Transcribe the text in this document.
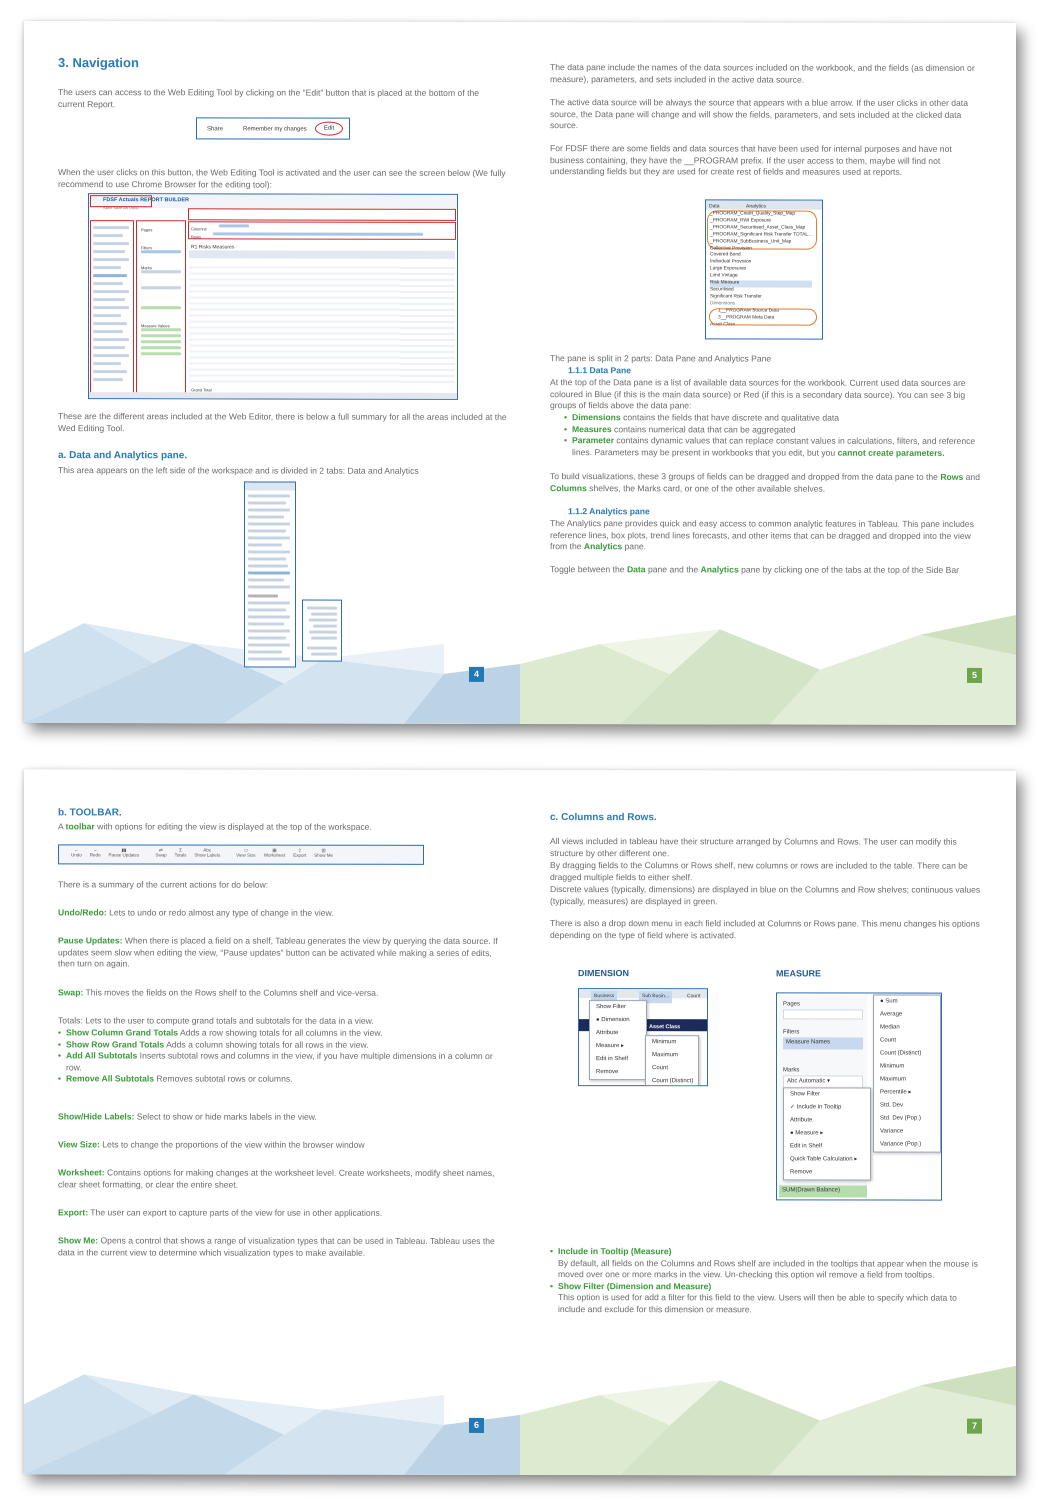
3. Navigation
The users can access to the Web Editing Tool by clicking on the “Edit” button that is placed at the bottom of the current Report.
Share	Remember my changes	Edit
When the user clicks on this button, the Web Editing Tool is activated and the user can see the screen below (We fully recommend to use Chrome Browser for the editing tool):
FDSF Actuals REPORT BUILDER
Save Save As Done
Pages
Filters
Marks
Measure Values
Columns
Rows
R1 Risks Measures
Grand Total
These are the different areas included at the Web Editor, there is below a full summary for all the areas included at the Wed Editing Tool.
a. Data and Analytics pane.
This area appears on the left side of the workspace and is divided in 2 tabs: Data and Analytics
4
The data pane include the names of the data sources included on the workbook, and the fields (as dimension or measure), parameters, and sets included in the active data source.
The active data source will be always the source that appears with a blue arrow. If the user clicks in other data source, the Data pane will change and will show the fields, parameters, and sets included at the clicked data source.
For FDSF there are some fields and data sources that have been used for internal purposes and have not business containing, they have the __PROGRAM prefix. If the user access to them, maybe will find not understanding fields but they are used for create rest of fields and measures used at reports.
Data	Analytics
_PROGRAM_Credit_Quality_Step_Map
_PROGRAM_RWI Exposure
_PROGRAM_Securitised_Asset_Class_Map
_PROGRAM_Significant Risk Transfer TOTAL...
_PROGRAM_SubBusiness_Unit_Map
Collective Provision
Covered Bond
Individual Provision
Large Exposures
Limit Vintage
Risk Measure
Securitised
Significant Risk Transfer
Dimensions
1__PROGRAM Source Data
3__PROGRAM Meta Data
Asset Class
The pane is split in 2 parts: Data Pane and Analytics Pane
1.1.1 Data Pane
At the top of the Data pane is a list of available data sources for the workbook. Current used data sources are coloured in Blue (if this is the main data source) or Red (if this is a secondary data source). You can see 3 big groups of fields above the data pane:
• Dimensions contains the fields that have discrete and qualitative data
• Measures contains numerical data that can be aggregated
• Parameter contains dynamic values that can replace constant values in calculations, filters, and reference lines. Parameters may be present in workbooks that you edit, but you cannot create parameters.
To build visualizations, these 3 groups of fields can be dragged and dropped from the data pane to the Rows and Columns shelves, the Marks card, or one of the other available shelves.
1.1.2 Analytics pane
The Analytics pane provides quick and easy access to common analytic features in Tableau. This pane includes reference lines, box plots, trend lines forecasts, and other items that can be dragged and dropped into the view from the Analytics pane.
Toggle between the Data pane and the Analytics pane by clicking one of the tabs at the top of the Side Bar
5
b. TOOLBAR.
A toolbar with options for editing the view is displayed at the top of the workspace.
←
Undo
→
Redo
▮▮
Pause Updates
⇄
Swap
Σ
Totals
Abc
Show Labels
▭
View Size
▦
Worksheet
⇪
Export
▥
Show Me
There is a summary of the current actions for do below:
Undo/Redo: Lets to undo or redo almost any type of change in the view.
Pause Updates: When there is placed a field on a shelf, Tableau generates the view by querying the data source. If updates seem slow when editing the view, “Pause updates” button can be activated while making a series of edits, then turn on again.
Swap: This moves the fields on the Rows shelf to the Columns shelf and vice-versa.
Totals: Lets to the user to compute grand totals and subtotals for the data in a view.
• Show Column Grand Totals Adds a row showing totals for all columns in the view.
• Show Row Grand Totals Adds a column showing totals for all rows in the view.
• Add All Subtotals Inserts subtotal rows and columns in the view, if you have multiple dimensions in a column or row.
• Remove All Subtotals Removes subtotal rows or columns.
Show/Hide Labels: Select to show or hide marks labels in the view.
View Size: Lets to change the proportions of the view within the browser window
Worksheet: Contains options for making changes at the worksheet level. Create worksheets, modify sheet names, clear sheet formatting, or clear the entire sheet.
Export: The user can export to capture parts of the view for use in other applications.
Show Me: Opens a control that shows a range of visualization types that can be used in Tableau. Tableau uses the data in the current view to determine which visualization types to make available.
6
c. Columns and Rows.
All views included in tableau have their structure arranged by Columns and Rows. The user can modify this structure by other different one.
By dragging fields to the Columns or Rows shelf, new columns or rows are included to the table. There can be dragged multiple fields to either shelf.
Discrete values (typically, dimensions) are displayed in blue on the Columns and Row shelves; continuous values (typically, measures) are displayed in green.
There is also a drop down menu in each field included at Columns or Rows pane. This menu changes his options depending on the type of field where is activated.
DIMENSION	MEASURE
Business	Sub Busin...	Count
Asset Class
Show Filter
● Dimension
Attribute
Measure ▸
Edit in Shelf
Remove
Minimum
Maximum
Count
Count (Distinct)
Pages
Filters
Measure Names
Marks
Abc Automatic ▾
SUM(Drawn Balance)
Show Filter
✓ Include in Tooltip
Attribute
● Measure ▸
Edit in Shelf
Quick Table Calculation ▸
Remove
● Sum
Average
Median
Count
Count (Distinct)
Minimum
Maximum
Percentile ▸
Std. Dev
Std. Dev (Pop.)
Variance
Variance (Pop.)
• Include in Tooltip (Measure)
By default, all fields on the Columns and Rows shelf are included in the tooltips that appear when the mouse is moved over one or more marks in the view. Un-checking this option wil remove a field from tooltips.
• Show Filter (Dimension and Measure)
This option is used for add a filter for this field to the view. Users will then be able to specify which data to include and exclude for this dimension or measure.
7
